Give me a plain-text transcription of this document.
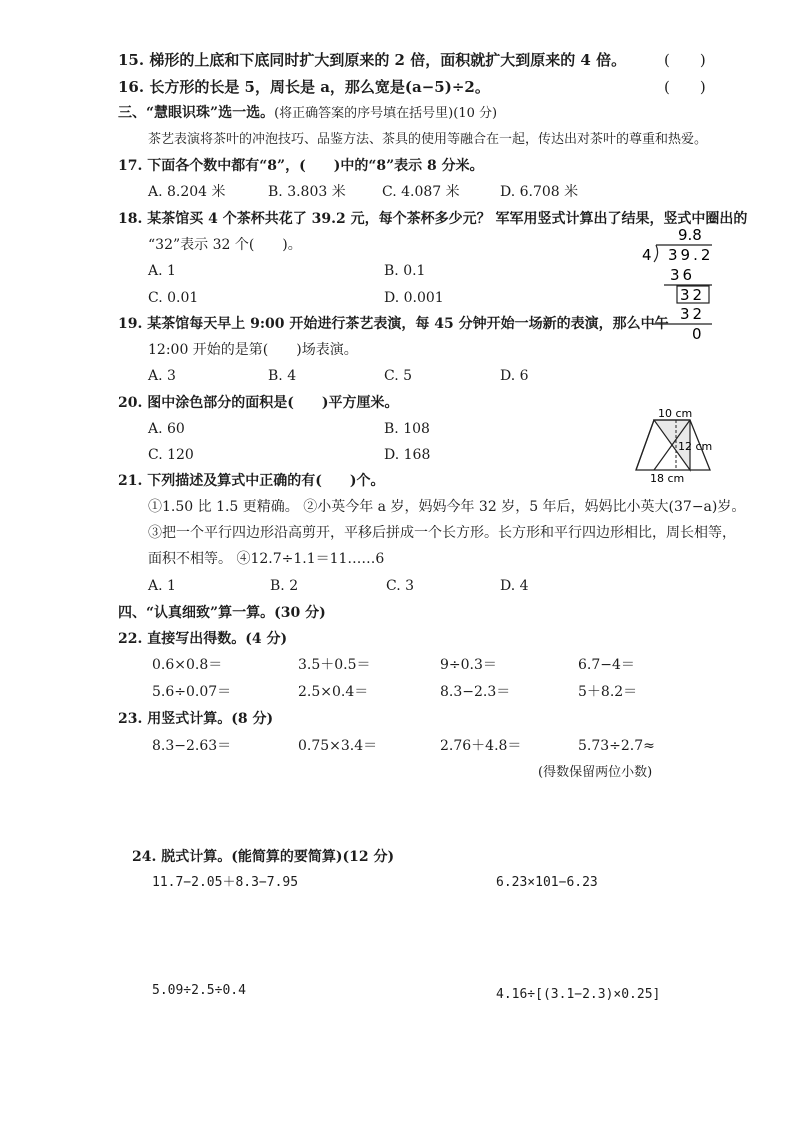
15. 梯形的上底和下底同时扩大到原来的 2 倍，面积就扩大到原来的 4 倍。	(　　)
16. 长方形的长是 5，周长是 a，那么宽是(a−5)÷2。	(　　)
三、“慧眼识珠”选一选。(将正确答案的序号填在括号里)(10 分)
茶艺表演将茶叶的冲泡技巧、品鉴方法、茶具的使用等融合在一起，传达出对茶叶的尊重和热爱。
17. 下面各个数中都有“8”，(　　)中的“8”表示 8 分米。
A. 8.204 米	B. 3.803 米	C. 4.087 米	D. 6.708 米
18. 某茶馆买 4 个茶杯共花了 39.2 元，每个茶杯多少元？ 军军用竖式计算出了结果，竖式中圈出的
“32”表示 32 个(　　)。
A. 1	B. 0.1
C. 0.01	D. 0.001
9.8
4 39.2
36
32
32
0
19. 某茶馆每天早上 9:00 开始进行茶艺表演，每 45 分钟开始一场新的表演，那么中午
12:00 开始的是第(　　)场表演。
A. 3	B. 4	C. 5	D. 6
20. 图中涂色部分的面积是(　　)平方厘米。
A. 60	B. 108
C. 120	D. 168
10 cm
12 cm
18 cm
21. 下列描述及算式中正确的有(　　)个。
①1.50 比 1.5 更精确。 ②小英今年 a 岁，妈妈今年 32 岁，5 年后，妈妈比小英大(37−a)岁。
③把一个平行四边形沿高剪开，平移后拼成一个长方形。长方形和平行四边形相比，周长相等，
面积不相等。 ④12.7÷1.1＝11……6
A. 1	B. 2	C. 3	D. 4
四、“认真细致”算一算。(30 分)
22. 直接写出得数。(4 分)
0.6×0.8＝	3.5＋0.5＝	9÷0.3＝	6.7−4＝
5.6÷0.07＝	2.5×0.4＝	8.3−2.3＝	5＋8.2＝
23. 用竖式计算。(8 分)
8.3−2.63＝	0.75×3.4＝	2.76＋4.8＝	5.73÷2.7≈
(得数保留两位小数)
24. 脱式计算。(能简算的要简算)(12 分)
11.7−2.05＋8.3−7.95	6.23×101−6.23
5.09÷2.5÷0.4	4.16÷[(3.1−2.3)×0.25]
